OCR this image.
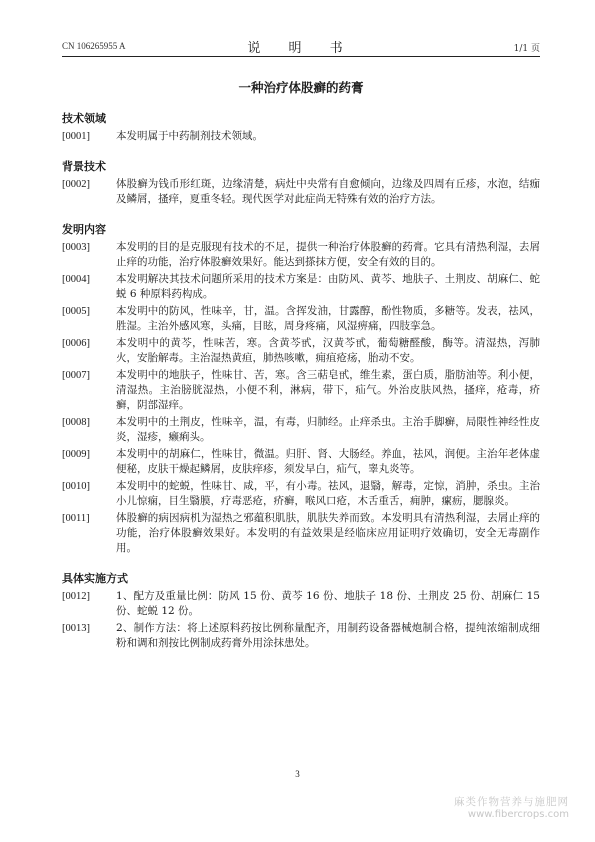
CN 106265955 A	说 明 书	1/1 页
一种治疗体股癣的药膏
技术领域
[0001]	本发明属于中药制剂技术领域。
背景技术
[0002]	体股癣为钱币形红斑，边缘清楚，病灶中央常有自愈倾向，边缘及四周有丘疹，水泡，结痂及鳞屑，搔痒，夏重冬轻。现代医学对此症尚无特殊有效的治疗方法。
发明内容
[0003]	本发明的目的是克服现有技术的不足，提供一种治疗体股癣的药膏。它具有清热利湿，去屑止痒的功能，治疗体股癣效果好。能达到搽抹方便，安全有效的目的。
[0004]	本发明解决其技术问题所采用的技术方案是：由防风、黄芩、地肤子、土荆皮、胡麻仁、蛇蜕 6 种原料药构成。
[0005]	本发明中的防风，性味辛，甘，温。含挥发油，甘露醇，酚性物质，多糖等。发表，祛风，胜湿。主治外感风寒，头痛，目眩，周身疼痛，风湿痹痛，四肢挛急。
[0006]	本发明中的黄芩，性味苦，寒。含黄芩甙，汉黄芩甙，葡萄糖醛酸，酶等。清湿热，泻肺火，安胎解毒。主治湿热黄疸，肺热咳嗽，痈疽疮疡，胎动不安。
[0007]	本发明中的地肤子，性味甘、苦，寒。含三萜皂甙，维生素，蛋白质，脂肪油等。利小便，清湿热。主治膀胱湿热，小便不利，淋病，带下，疝气。外治皮肤风热，搔痒，疮毒，疥癣，阴部湿痒。
[0008]	本发明中的土荆皮，性味辛，温，有毒，归肺经。止痒杀虫。主治手脚癣，局限性神经性皮炎，湿疹，癞痢头。
[0009]	本发明中的胡麻仁，性味甘，微温。归肝、肾、大肠经。养血，祛风，润便。主治年老体虚便秘，皮肤干燥起鳞屑，皮肤痒疹，须发早白，疝气，睾丸炎等。
[0010]	本发明中的蛇蜕，性味甘、咸，平，有小毒。祛风，退翳，解毒，定惊，消肿，杀虫。主治小儿惊痫，目生翳膜，疗毒恶疮，疥癣，喉风口疮，木舌重舌，痈肿，瘰疬，腮腺炎。
[0011]	体股癣的病因病机为湿热之邪蕴积肌肤，肌肤失养而致。本发明具有清热利湿，去屑止痒的功能，治疗体股癣效果好。本发明的有益效果是经临床应用证明疗效确切，安全无毒副作用。
具体实施方式
[0012]	1、配方及重量比例：防风 15 份、黄芩 16 份、地肤子 18 份、土荆皮 25 份、胡麻仁 15 份、蛇蜕 12 份。
[0013]	2、制作方法：将上述原料药按比例称量配齐，用制药设备器械炮制合格，提纯浓缩制成细粉和调和剂按比例制成药膏外用涂抹患处。
3
麻类作物营养与施肥网
www.fibercrops.com
